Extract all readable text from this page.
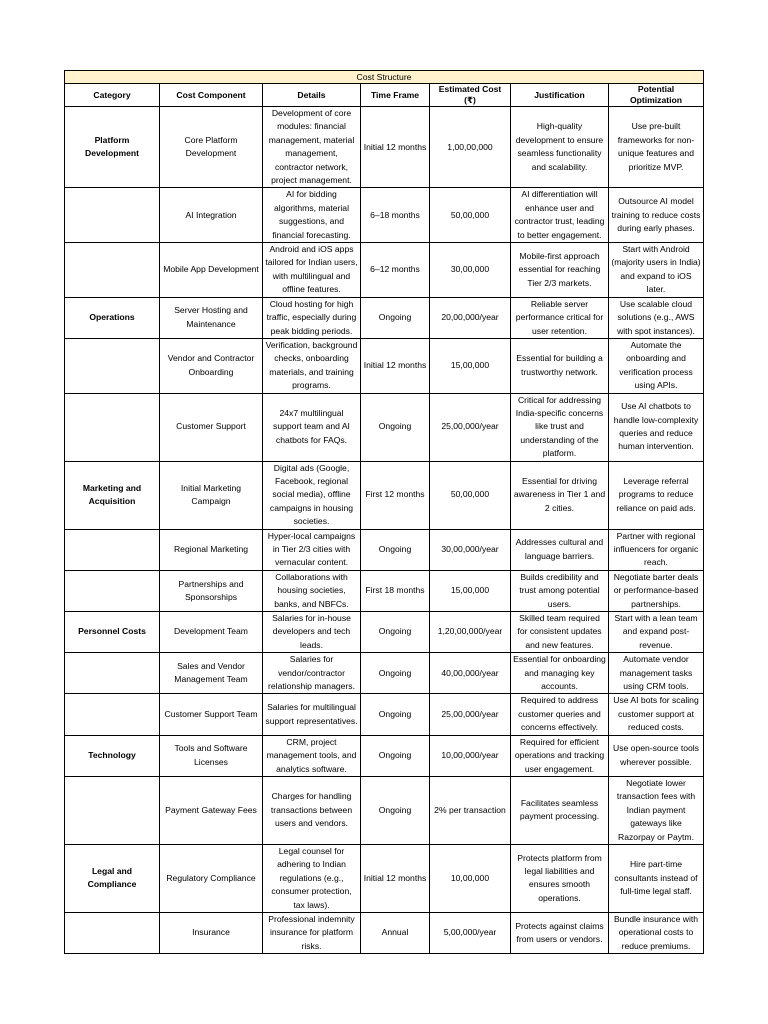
Cost Structure						
Category	Cost Component	Details	Time Frame	Estimated Cost (₹)	Justification	Potential Optimization
Platform Development	Core Platform Development	Development of core modules: financial management, material management, contractor network, project management.	Initial 12 months	1,00,00,000	High-quality development to ensure seamless functionality and scalability.	Use pre-built frameworks for non-unique features and prioritize MVP.
	AI Integration	AI for bidding algorithms, material suggestions, and financial forecasting.	6–18 months	50,00,000	AI differentiation will enhance user and contractor trust, leading to better engagement.	Outsource AI model training to reduce costs during early phases.
	Mobile App Development	Android and iOS apps tailored for Indian users, with multilingual and offline features.	6–12 months	30,00,000	Mobile-first approach essential for reaching Tier 2/3 markets.	Start with Android (majority users in India) and expand to iOS later.
Operations	Server Hosting and Maintenance	Cloud hosting for high traffic, especially during peak bidding periods.	Ongoing	20,00,000/year	Reliable server performance critical for user retention.	Use scalable cloud solutions (e.g., AWS with spot instances).
	Vendor and Contractor Onboarding	Verification, background checks, onboarding materials, and training programs.	Initial 12 months	15,00,000	Essential for building a trustworthy network.	Automate the onboarding and verification process using APIs.
	Customer Support	24x7 multilingual support team and AI chatbots for FAQs.	Ongoing	25,00,000/year	Critical for addressing India-specific concerns like trust and understanding of the platform.	Use AI chatbots to handle low-complexity queries and reduce human intervention.
Marketing and Acquisition	Initial Marketing Campaign	Digital ads (Google, Facebook, regional social media), offline campaigns in housing societies.	First 12 months	50,00,000	Essential for driving awareness in Tier 1 and 2 cities.	Leverage referral programs to reduce reliance on paid ads.
	Regional Marketing	Hyper-local campaigns in Tier 2/3 cities with vernacular content.	Ongoing	30,00,000/year	Addresses cultural and language barriers.	Partner with regional influencers for organic reach.
	Partnerships and Sponsorships	Collaborations with housing societies, banks, and NBFCs.	First 18 months	15,00,000	Builds credibility and trust among potential users.	Negotiate barter deals or performance-based partnerships.
Personnel Costs	Development Team	Salaries for in-house developers and tech leads.	Ongoing	1,20,00,000/year	Skilled team required for consistent updates and new features.	Start with a lean team and expand post-revenue.
	Sales and Vendor Management Team	Salaries for vendor/contractor relationship managers.	Ongoing	40,00,000/year	Essential for onboarding and managing key accounts.	Automate vendor management tasks using CRM tools.
	Customer Support Team	Salaries for multilingual support representatives.	Ongoing	25,00,000/year	Required to address customer queries and concerns effectively.	Use AI bots for scaling customer support at reduced costs.
Technology	Tools and Software Licenses	CRM, project management tools, and analytics software.	Ongoing	10,00,000/year	Required for efficient operations and tracking user engagement.	Use open-source tools wherever possible.
	Payment Gateway Fees	Charges for handling transactions between users and vendors.	Ongoing	2% per transaction	Facilitates seamless payment processing.	Negotiate lower transaction fees with Indian payment gateways like Razorpay or Paytm.
Legal and Compliance	Regulatory Compliance	Legal counsel for adhering to Indian regulations (e.g., consumer protection, tax laws).	Initial 12 months	10,00,000	Protects platform from legal liabilities and ensures smooth operations.	Hire part-time consultants instead of full-time legal staff.
	Insurance	Professional indemnity insurance for platform risks.	Annual	5,00,000/year	Protects against claims from users or vendors.	Bundle insurance with operational costs to reduce premiums.
